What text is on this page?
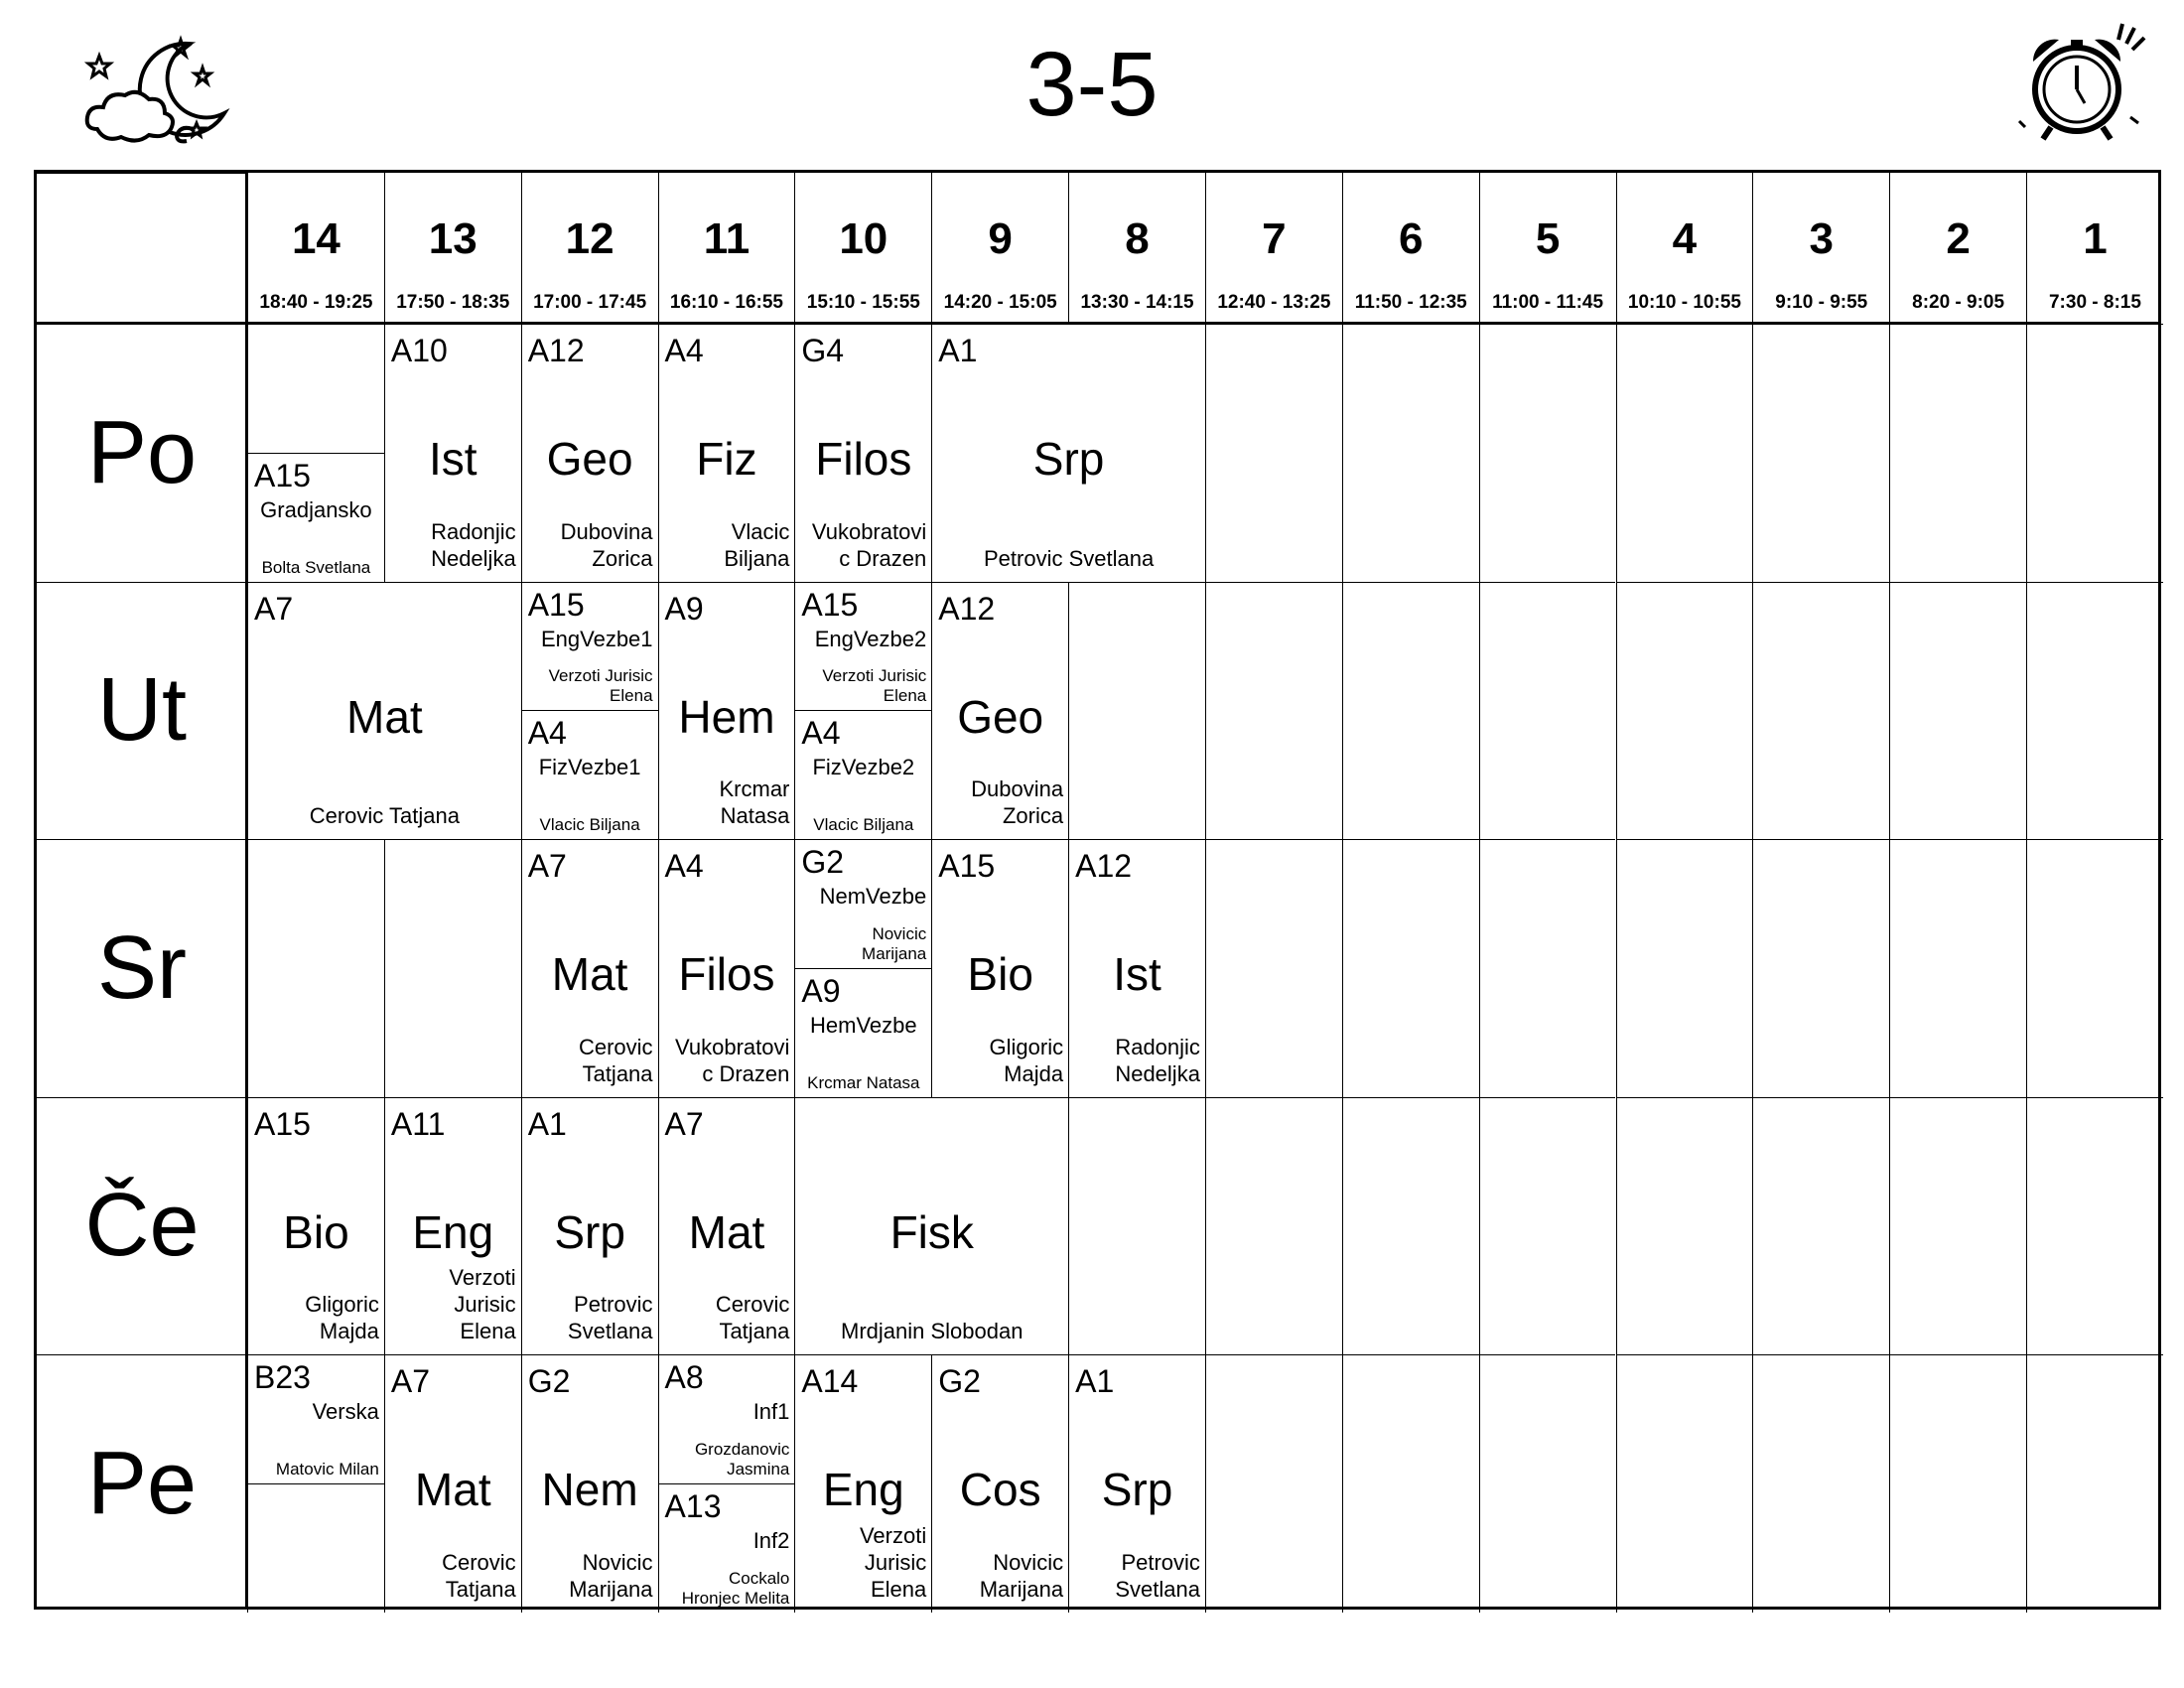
3-5
14
18:40 - 19:25
13
17:50 - 18:35
12
17:00 - 17:45
11
16:10 - 16:55
10
15:10 - 15:55
9
14:20 - 15:05
8
13:30 - 14:15
7
12:40 - 13:25
6
11:50 - 12:35
5
11:00 - 11:45
4
10:10 - 10:55
3
9:10 - 9:55
2
8:20 - 9:05
1
7:30 - 8:15
Po
Ut
Sr
Če
Pe
A15
Gradjansko
Bolta Svetlana
A10
Ist
Radonjic
Nedeljka
A12
Geo
Dubovina
Zorica
A4
Fiz
Vlacic
Biljana
G4
Filos
Vukobratovi
c Drazen
A1
Srp
Petrovic Svetlana
A7
Mat
Cerovic Tatjana
A15
EngVezbe1
Verzoti Jurisic
Elena
A4
FizVezbe1
Vlacic Biljana
A9
Hem
Krcmar
Natasa
A15
EngVezbe2
Verzoti Jurisic
Elena
A4
FizVezbe2
Vlacic Biljana
A12
Geo
Dubovina
Zorica
A7
Mat
Cerovic
Tatjana
A4
Filos
Vukobratovi
c Drazen
G2
NemVezbe
Novicic
Marijana
A9
HemVezbe
Krcmar Natasa
A15
Bio
Gligoric
Majda
A12
Ist
Radonjic
Nedeljka
A15
Bio
Gligoric
Majda
A11
Eng
Verzoti
Jurisic
Elena
A1
Srp
Petrovic
Svetlana
A7
Mat
Cerovic
Tatjana
Fisk
Mrdjanin Slobodan
B23
Verska
Matovic Milan
A7
Mat
Cerovic
Tatjana
G2
Nem
Novicic
Marijana
A8
Inf1
Grozdanovic
Jasmina
A13
Inf2
Cockalo
Hronjec Melita
A14
Eng
Verzoti
Jurisic
Elena
G2
Cos
Novicic
Marijana
A1
Srp
Petrovic
Svetlana
